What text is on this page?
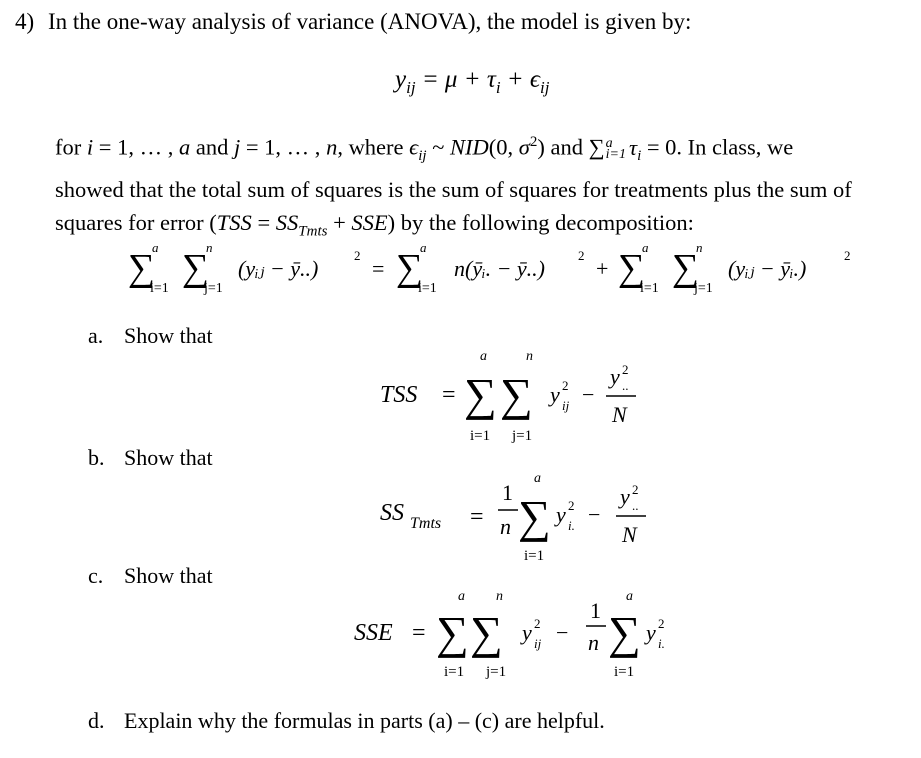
4) In the one-way analysis of variance (ANOVA), the model is given by:
$y_{ij} = \mu + \tau_i + \epsilon_{ij}$
for i = 1, … , a and j = 1, … , n, where $\epsilon_{ij}$ ~ NID(0, $\sigma^2$) and ∑ a
i=1 $\tau_i = 0$. In class, we
showed that the total sum of squares is the sum of squares for treatments plus the sum of
squares for error $(TSS = SS_{Tmts} + SSE)$ by the following decomposition:
∑
a
i=1 ∑
n
j=1
(yᵢⱼ − ȳ..)
2
= ∑
a
i=1
n(ȳᵢ. − ȳ..)
2
+ ∑
a
i=1 ∑
n
j=1
(yᵢⱼ − ȳᵢ.)
2
a. Show that
TSS = ∑
a
i=1
∑
n
j=1
y 2
ij −
y 2
..
N
b. Show that
SS Tmts =
1
n ∑
a
i=1
y 2
i. −
y 2
..
N
c. Show that
SSE = ∑
a
i=1
∑
n
j=1
y 2
ij −
1
n ∑
a
i=1
y 2
i.
d. Explain why the formulas in parts (a) – (c) are helpful.
